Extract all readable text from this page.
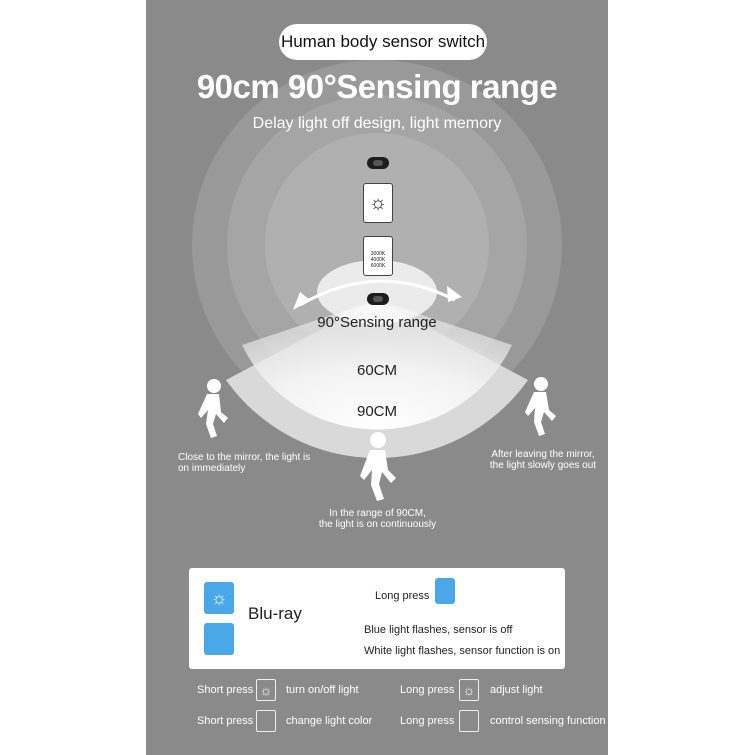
Human body sensor switch
90cm 90°Sensing range
Delay light off design, light memory
☼
3000K
4000K
6000K
90°Sensing range
60CM
90CM
Close to the mirror, the light is
on immediately
In the range of 90CM,
the light is on continuously
After leaving the mirror,
the light slowly goes out
☼
Blu-ray
Long press
Blue light flashes, sensor is off
White light flashes, sensor function is on
Short press ☼	turn on/off light	Long press ☼	adjust light
Short press	change light color	Long press	control sensing function
